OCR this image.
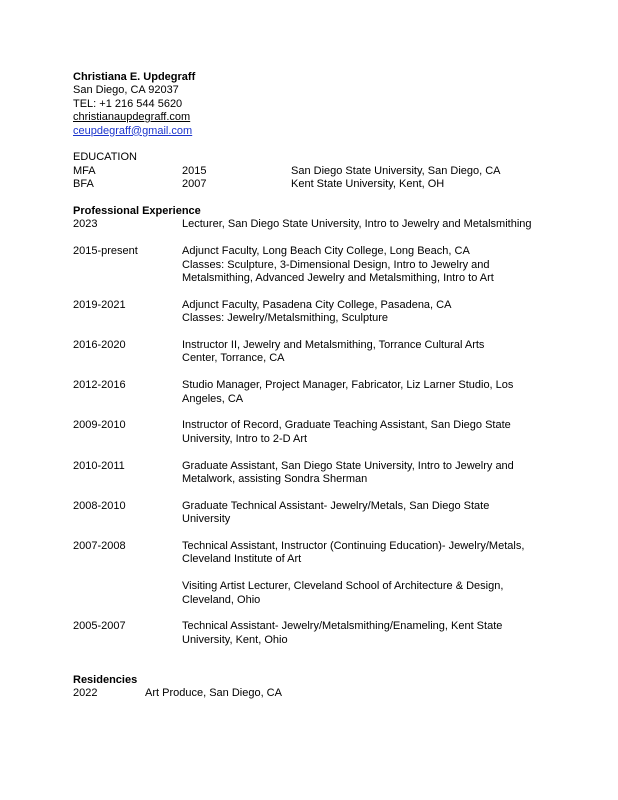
Christiana E. Updegraff
San Diego, CA 92037
TEL: +1 216 544 5620
christianaupdegraff.com
ceupdegraff@gmail.com
EDUCATION
MFA	2015	San Diego State University, San Diego, CA
BFA	2007	Kent State University, Kent, OH
Professional Experience
2023	Lecturer, San Diego State University, Intro to Jewelry and Metalsmithing
2015-present	Adjunct Faculty, Long Beach City College, Long Beach, CA
Classes: Sculpture, 3-Dimensional Design, Intro to Jewelry and
Metalsmithing, Advanced Jewelry and Metalsmithing, Intro to Art
2019-2021	Adjunct Faculty, Pasadena City College, Pasadena, CA
Classes: Jewelry/Metalsmithing, Sculpture
2016-2020	Instructor II, Jewelry and Metalsmithing, Torrance Cultural Arts
Center, Torrance, CA
2012-2016	Studio Manager, Project Manager, Fabricator, Liz Larner Studio, Los
Angeles, CA
2009-2010	Instructor of Record, Graduate Teaching Assistant, San Diego State
University, Intro to 2-D Art
2010-2011	Graduate Assistant, San Diego State University, Intro to Jewelry and
Metalwork, assisting Sondra Sherman
2008-2010	Graduate Technical Assistant- Jewelry/Metals, San Diego State
University
2007-2008	Technical Assistant, Instructor (Continuing Education)- Jewelry/Metals,
Cleveland Institute of Art
Visiting Artist Lecturer, Cleveland School of Architecture & Design,
Cleveland, Ohio
2005-2007	Technical Assistant- Jewelry/Metalsmithing/Enameling, Kent State
University, Kent, Ohio
Residencies
2022	Art Produce, San Diego, CA
